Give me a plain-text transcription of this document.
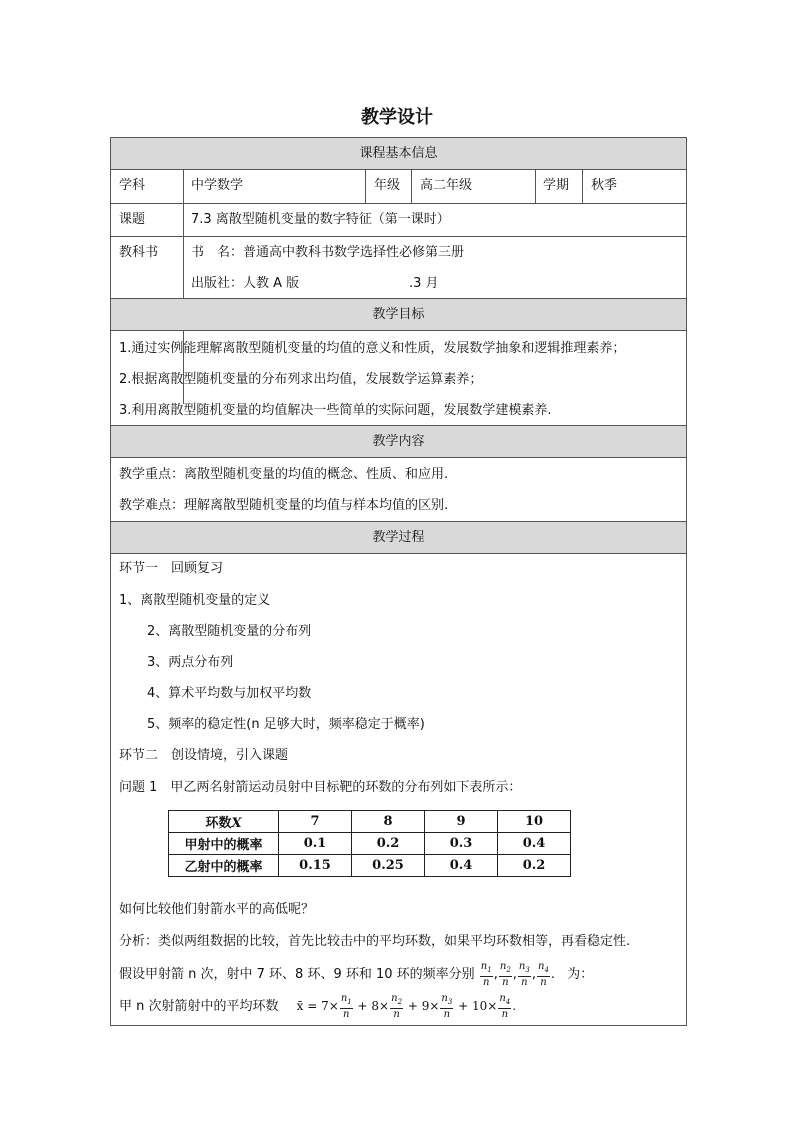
教学设计
课程基本信息
学科	中学数学	年级 高二年级	学期 秋季
课题	7.3 离散型随机变量的数字特征（第一课时）
教科书	书　名：普通高中教科书数学选择性必修第三册
出版社：人教 A 版	.3 月
教学目标
1.通过实例能理解离散型随机变量的均值的意义和性质，发展数学抽象和逻辑推理素养；
2.根据离散型随机变量的分布列求出均值，发展数学运算素养；
3.利用离散型随机变量的均值解决一些简单的实际问题，发展数学建模素养.
教学内容
教学重点：离散型随机变量的均值的概念、性质、和应用.
教学难点：理解离散型随机变量的均值与样本均值的区别.
教学过程
环节一　回顾复习
1、离散型随机变量的定义
2、离散型随机变量的分布列
3、两点分布列
4、算术平均数与加权平均数
5、频率的稳定性(n 足够大时，频率稳定于概率)
环节二　创设情境，引入课题
问题 1　甲乙两名射箭运动员射中目标靶的环数的分布列如下表所示：
环数X	7	8	9	10
甲射中的概率	0.1	0.2	0.3	0.4
乙射中的概率	0.15	0.25	0.4	0.2
如何比较他们射箭水平的高低呢？
分析：类似两组数据的比较，首先比较击中的平均环数，如果平均环数相等，再看稳定性.
假设甲射箭 n 次，射中 7 环、8 环、9 环和 10 环的频率分别 $\frac{n_1}{n}$ , $\frac{n_2}{n}$ , $\frac{n_3}{n}$ , $\frac{n_4}{n}$ . 为：
甲 n 次射箭射中的平均环数 x̄ = $7\times \frac{n_1}{n} + 8\times \frac{n_2}{n} + 9\times \frac{n_3}{n} + 10\times \frac{n_4}{n}$ .
